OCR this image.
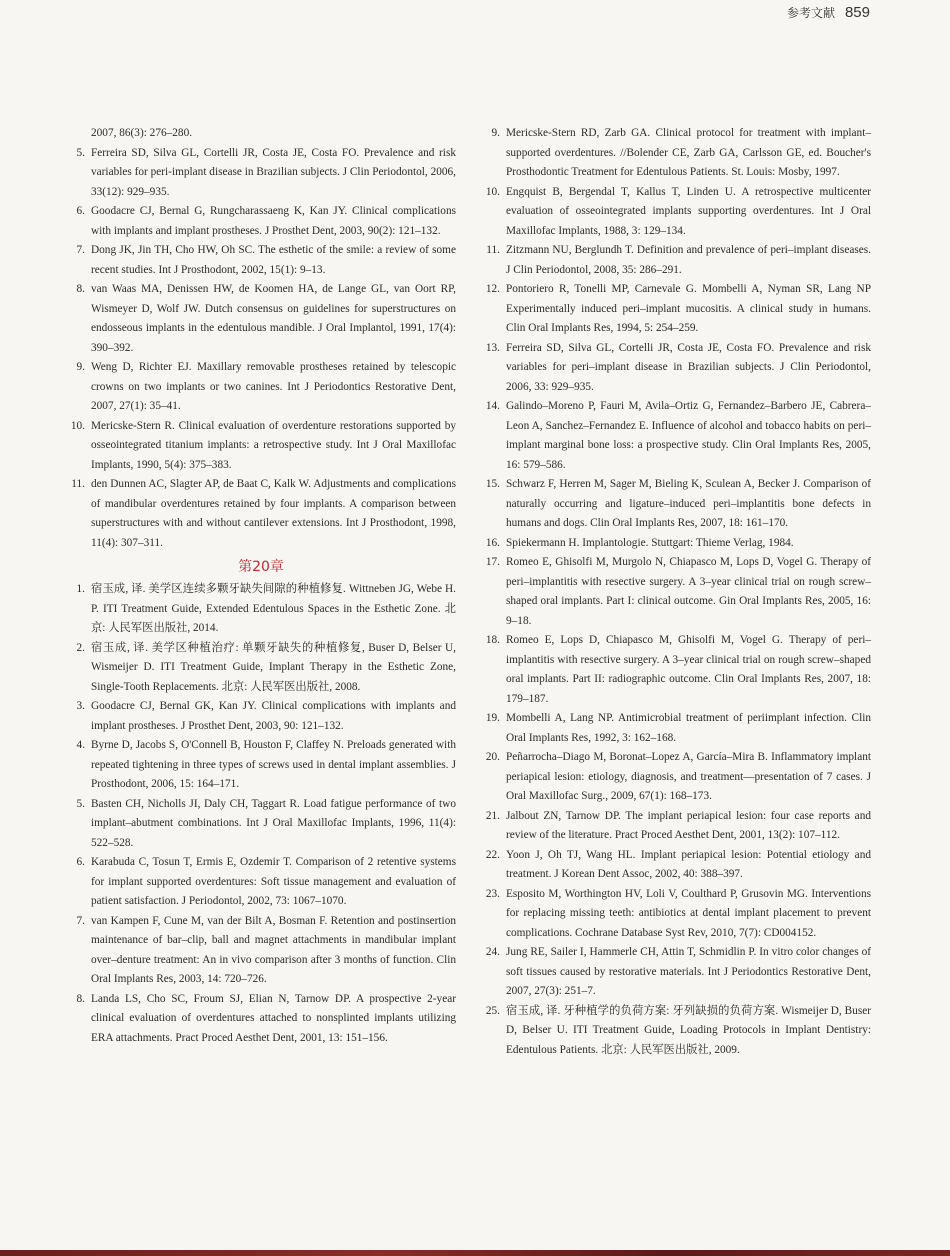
参考文献 859
2007, 86(3): 276–280.
5. Ferreira SD, Silva GL, Cortelli JR, Costa JE, Costa FO. Prevalence and risk variables for peri-implant disease in Brazilian subjects. J Clin Periodontol, 2006, 33(12): 929–935.
6. Goodacre CJ, Bernal G, Rungcharassaeng K, Kan JY. Clinical complications with implants and implant prostheses. J Prosthet Dent, 2003, 90(2): 121–132.
7. Dong JK, Jin TH, Cho HW, Oh SC. The esthetic of the smile: a review of some recent studies. Int J Prosthodont, 2002, 15(1): 9–13.
8. van Waas MA, Denissen HW, de Koomen HA, de Lange GL, van Oort RP, Wismeyer D, Wolf JW. Dutch consensus on guidelines for superstructures on endosseous implants in the edentulous mandible. J Oral Implantol, 1991, 17(4): 390–392.
9. Weng D, Richter EJ. Maxillary removable prostheses retained by telescopic crowns on two implants or two canines. Int J Periodontics Restorative Dent, 2007, 27(1): 35–41.
10. Mericske-Stern R. Clinical evaluation of overdenture restorations supported by osseointegrated titanium implants: a retrospective study. Int J Oral Maxillofac Implants, 1990, 5(4): 375–383.
11. den Dunnen AC, Slagter AP, de Baat C, Kalk W. Adjustments and complications of mandibular overdentures retained by four implants. A comparison between superstructures with and without cantilever extensions. Int J Prosthodont, 1998, 11(4): 307–311.
第20章
1. 宿玉成, 译. 美学区连续多颗牙缺失间隙的种植修复. Wittneben JG, Webe H. P. ITI Treatment Guide, Extended Edentulous Spaces in the Esthetic Zone. 北京: 人民军医出版社, 2014.
2. 宿玉成, 译. 美学区种植治疗: 单颗牙缺失的种植修复, Buser D, Belser U, Wismeijer D. ITI Treatment Guide, Implant Therapy in the Esthetic Zone, Single-Tooth Replacements. 北京: 人民军医出版社, 2008.
3. Goodacre CJ, Bernal GK, Kan JY. Clinical complications with implants and implant prostheses. J Prosthet Dent, 2003, 90: 121–132.
4. Byrne D, Jacobs S, O'Connell B, Houston F, Claffey N. Preloads generated with repeated tightening in three types of screws used in dental implant assemblies. J Prosthodont, 2006, 15: 164–171.
5. Basten CH, Nicholls JI, Daly CH, Taggart R. Load fatigue performance of two implant–abutment combinations. Int J Oral Maxillofac Implants, 1996, 11(4): 522–528.
6. Karabuda C, Tosun T, Ermis E, Ozdemir T. Comparison of 2 retentive systems for implant supported overdentures: Soft tissue management and evaluation of patient satisfaction. J Periodontol, 2002, 73: 1067–1070.
7. van Kampen F, Cune M, van der Bilt A, Bosman F. Retention and postinsertion maintenance of bar–clip, ball and magnet attachments in mandibular implant over–denture treatment: An in vivo comparison after 3 months of function. Clin Oral Implants Res, 2003, 14: 720–726.
8. Landa LS, Cho SC, Froum SJ, Elian N, Tarnow DP. A prospective 2-year clinical evaluation of overdentures attached to nonsplinted implants utilizing ERA attachments. Pract Proced Aesthet Dent, 2001, 13: 151–156.
9. Mericske-Stern RD, Zarb GA. Clinical protocol for treatment with implant–supported overdentures. //Bolender CE, Zarb GA, Carlsson GE, ed. Boucher's Prosthodontic Treatment for Edentulous Patients. St. Louis: Mosby, 1997.
10. Engquist B, Bergendal T, Kallus T, Linden U. A retrospective multicenter evaluation of osseointegrated implants supporting overdentures. Int J Oral Maxillofac Implants, 1988, 3: 129–134.
11. Zitzmann NU, Berglundh T. Definition and prevalence of peri–implant diseases. J Clin Periodontol, 2008, 35: 286–291.
12. Pontoriero R, Tonelli MP, Carnevale G. Mombelli A, Nyman SR, Lang NP Experimentally induced peri–implant mucositis. A clinical study in humans. Clin Oral Implants Res, 1994, 5: 254–259.
13. Ferreira SD, Silva GL, Cortelli JR, Costa JE, Costa FO. Prevalence and risk variables for peri–implant disease in Brazilian subjects. J Clin Periodontol, 2006, 33: 929–935.
14. Galindo–Moreno P, Fauri M, Avila–Ortiz G, Fernandez–Barbero JE, Cabrera–Leon A, Sanchez–Fernandez E. Influence of alcohol and tobacco habits on peri–implant marginal bone loss: a prospective study. Clin Oral Implants Res, 2005, 16: 579–586.
15. Schwarz F, Herren M, Sager M, Bieling K, Sculean A, Becker J. Comparison of naturally occurring and ligature–induced peri–implantitis bone defects in humans and dogs. Clin Oral Implants Res, 2007, 18: 161–170.
16. Spiekermann H. Implantologie. Stuttgart: Thieme Verlag, 1984.
17. Romeo E, Ghisolfi M, Murgolo N, Chiapasco M, Lops D, Vogel G. Therapy of peri–implantitis with resective surgery. A 3–year clinical trial on rough screw–shaped oral implants. Part I: clinical outcome. Gin Oral Implants Res, 2005, 16: 9–18.
18. Romeo E, Lops D, Chiapasco M, Ghisolfi M, Vogel G. Therapy of peri–implantitis with resective surgery. A 3–year clinical trial on rough screw–shaped oral implants. Part II: radiographic outcome. Clin Oral Implants Res, 2007, 18: 179–187.
19. Mombelli A, Lang NP. Antimicrobial treatment of periimplant infection. Clin Oral Implants Res, 1992, 3: 162–168.
20. Peñarrocha–Diago M, Boronat–Lopez A, García–Mira B. Inflammatory implant periapical lesion: etiology, diagnosis, and treatment––presentation of 7 cases. J Oral Maxillofac Surg., 2009, 67(1): 168–173.
21. Jalbout ZN, Tarnow DP. The implant periapical lesion: four case reports and review of the literature. Pract Proced Aesthet Dent, 2001, 13(2): 107–112.
22. Yoon J, Oh TJ, Wang HL. Implant periapical lesion: Potential etiology and treatment. J Korean Dent Assoc, 2002, 40: 388–397.
23. Esposito M, Worthington HV, Loli V, Coulthard P, Grusovin MG. Interventions for replacing missing teeth: antibiotics at dental implant placement to prevent complications. Cochrane Database Syst Rev, 2010, 7(7): CD004152.
24. Jung RE, Sailer I, Hammerle CH, Attin T, Schmidlin P. In vitro color changes of soft tissues caused by restorative materials. Int J Periodontics Restorative Dent, 2007, 27(3): 251–7.
25. 宿玉成, 译. 牙种植学的负荷方案: 牙列缺损的负荷方案. Wismeijer D, Buser D, Belser U. ITI Treatment Guide, Loading Protocols in Implant Dentistry: Edentulous Patients. 北京: 人民军医出版社, 2009.
